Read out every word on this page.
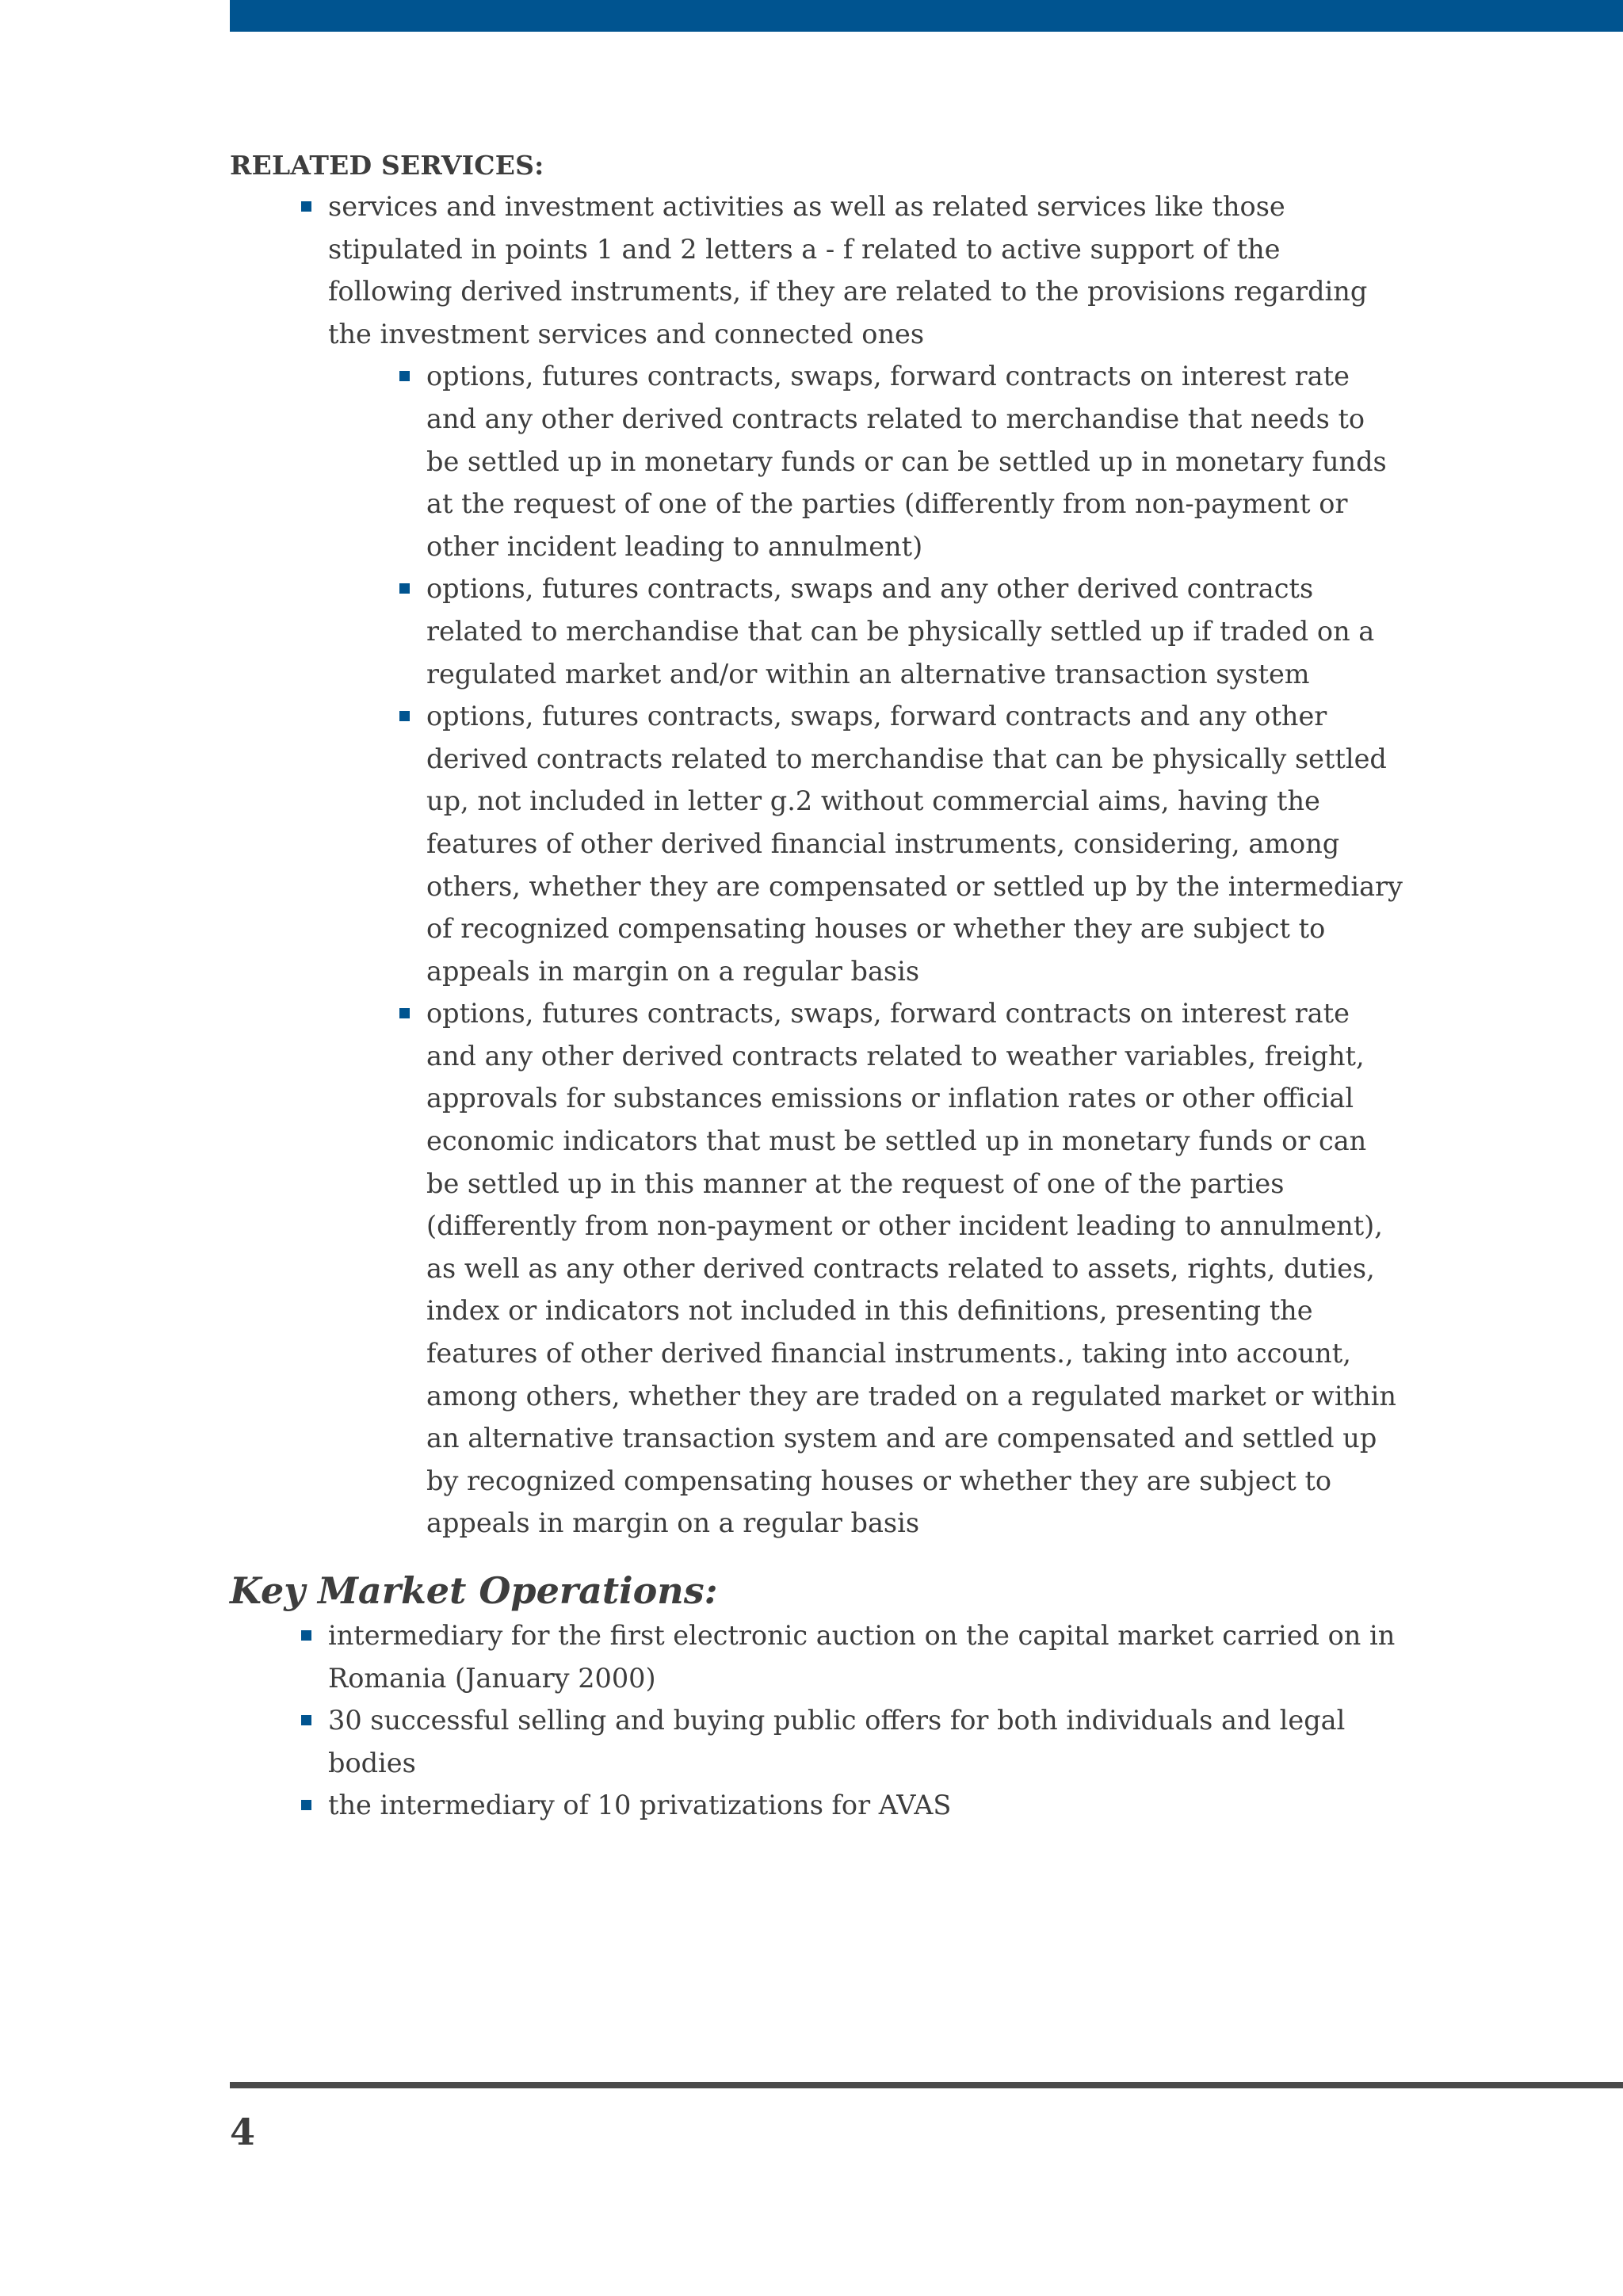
RELATED SERVICES:
services and investment activities as well as related services like those stipulated in points 1 and 2 letters a - f related to active support of the following derived instruments, if they are related to the provisions regarding the investment services and connected ones
options, futures contracts, swaps, forward contracts on interest rate and any other derived contracts related to merchandise that needs to be settled up in monetary funds or can be settled up in monetary funds at the request of one of the parties (differently from non-payment or other incident leading to annulment)
options, futures contracts, swaps and any other derived contracts related to merchandise that can be physically settled up if traded on a regulated market and/or within an alternative transaction system
options, futures contracts, swaps, forward contracts and any other derived contracts related to merchandise that can be physically settled up, not included in letter g.2 without commercial aims, having the features of other derived financial instruments, considering, among others, whether they are compensated or settled up by the intermediary of recognized compensating houses or whether they are subject to appeals in margin on a regular basis
options, futures contracts, swaps, forward contracts on interest rate and any other derived contracts related to weather variables, freight, approvals for substances emissions or inflation rates or other official economic indicators that must be settled up in monetary funds or can be settled up in this manner at the request of one of the parties (differently from non-payment or other incident leading to annulment), as well as any other derived contracts related to assets, rights, duties, index or indicators not included in this definitions, presenting the features of other derived financial instruments., taking into account, among others, whether they are traded on a regulated market or within an alternative transaction system and are compensated and settled up by recognized compensating houses or whether they are subject to appeals in margin on a regular basis
Key Market Operations:
intermediary for the first electronic auction on the capital market carried on in Romania (January 2000)
30 successful selling and buying public offers for both individuals and legal bodies
the intermediary of 10 privatizations for AVAS
4
